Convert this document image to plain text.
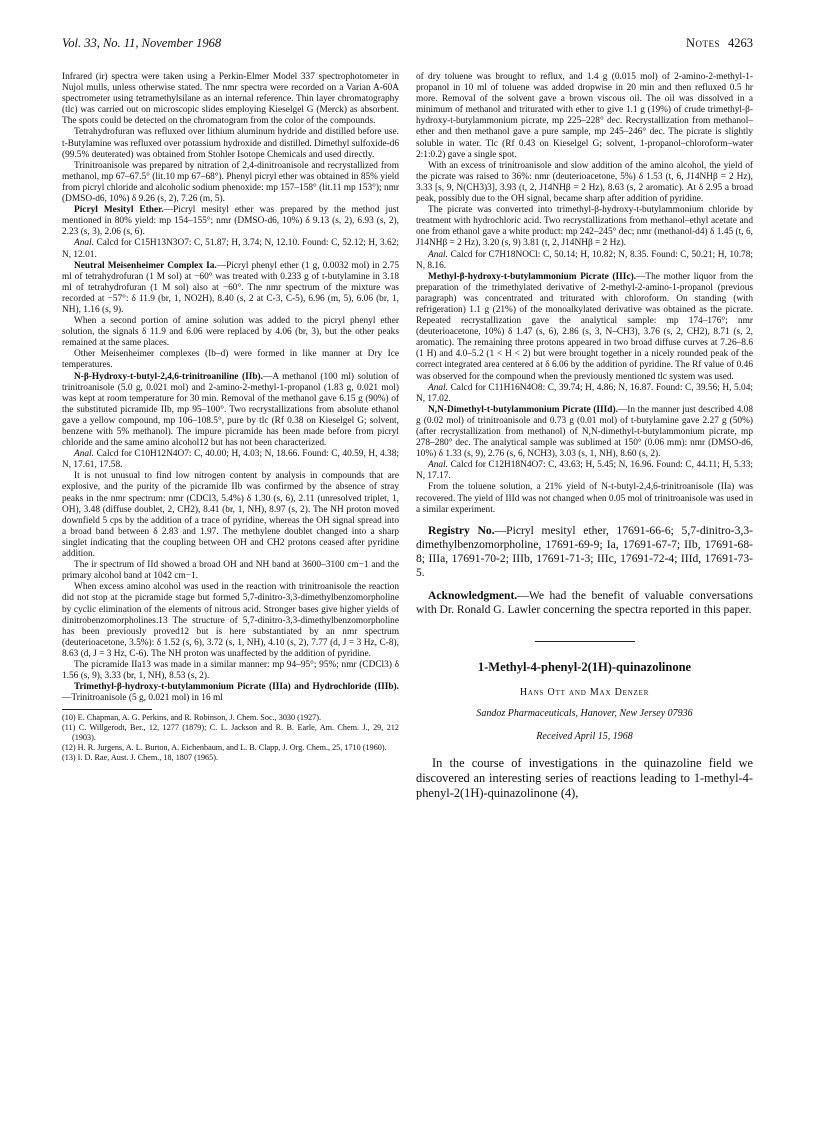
Vol. 33, No. 11, November 1968	Notes 4263

Infrared (ir) spectra were taken using a Perkin-Elmer Model 337 spectrophotometer in Nujol mulls, unless otherwise stated. The nmr spectra were recorded on a Varian A-60A spectrometer using tetramethylsilane as an internal reference. Thin layer chromatography (tlc) was carried out on microscopic slides employing Kieselgel G (Merck) as absorbent. The spots could be detected on the chromatogram from the color of the compounds.

Tetrahydrofuran was refluxed over lithium aluminum hydride and distilled before use. t-Butylamine was refluxed over potassium hydroxide and distilled. Dimethyl sulfoxide-d6 (99.5% deuterated) was obtained from Stohler Isotope Chemicals and used directly.

Trinitroanisole was prepared by nitration of 2,4-dinitroanisole and recrystallized from methanol, mp 67–67.5° (lit.10 mp 67–68°). Phenyl picryl ether was obtained in 85% yield from picryl chloride and alcoholic sodium phenoxide: mp 157–158° (lit.11 mp 153°); nmr (DMSO-d6, 10%) δ 9.26 (s, 2), 7.26 (m, 5).

Picryl Mesityl Ether.—Picryl mesityl ether was prepared by the method just mentioned in 80% yield: mp 154–155°; nmr (DMSO-d6, 10%) δ 9.13 (s, 2), 6.93 (s, 2), 2.23 (s, 3), 2.06 (s, 6).

Anal. Calcd for C15H13N3O7: C, 51.87; H, 3.74; N, 12.10. Found: C, 52.12; H, 3.62; N, 12.01.

Neutral Meisenheimer Complex Ia.—Picryl phenyl ether (1 g, 0.0032 mol) in 2.75 ml of tetrahydrofuran (1 M sol) at −60° was treated with 0.233 g of t-butylamine in 3.18 ml of tetrahydrofuran (1 M sol) also at −60°. The nmr spectrum of the mixture was recorded at −57°: δ 11.9 (br, 1, NO2H), 8.40 (s, 2 at C-3, C-5), 6.96 (m, 5), 6.06 (br, 1, NH), 1.16 (s, 9).

When a second portion of amine solution was added to the picryl phenyl ether solution, the signals δ 11.9 and 6.06 were replaced by 4.06 (br, 3), but the other peaks remained at the same places.

Other Meisenheimer complexes (Ib–d) were formed in like manner at Dry Ice temperatures.

N-β-Hydroxy-t-butyl-2,4,6-trinitroaniline (IIb).—A methanol (100 ml) solution of trinitroanisole (5.0 g, 0.021 mol) and 2-amino-2-methyl-1-propanol (1.83 g, 0.021 mol) was kept at room temperature for 30 min. Removal of the methanol gave 6.15 g (90%) of the substituted picramide IIb, mp 95–100°. Two recrystallizations from absolute ethanol gave a yellow compound, mp 106–108.5°, pure by tlc (Rf 0.38 on Kieselgel G; solvent, benzene with 5% methanol). The impure picramide has been made before from picryl chloride and the same amino alcohol12 but has not been characterized.

Anal. Calcd for C10H12N4O7: C, 40.00; H, 4.03; N, 18.66. Found: C, 40.59, H, 4.38; N, 17.61, 17.58.

It is not unusual to find low nitrogen content by analysis in compounds that are explosive, and the purity of the picramide IIb was confirmed by the absence of stray peaks in the nmr spectrum: nmr (CDCl3, 5.4%) δ 1.30 (s, 6), 2.11 (unresolved triplet, 1, OH), 3.48 (diffuse doublet, 2, CH2), 8.41 (br, 1, NH), 8.97 (s, 2). The NH proton moved downfield 5 cps by the addition of a trace of pyridine, whereas the OH signal spread into a broad band between δ 2.83 and 1.97. The methylene doublet changed into a sharp singlet indicating that the coupling between OH and CH2 protons ceased after pyridine addition.

The ir spectrum of IId showed a broad OH and NH band at 3600–3100 cm−1 and the primary alcohol band at 1042 cm−1.

When excess amino alcohol was used in the reaction with trinitroanisole the reaction did not stop at the picramide stage but formed 5,7-dinitro-3,3-dimethylbenzomorpholine by cyclic elimination of the elements of nitrous acid. Stronger bases give higher yields of dinitrobenzomorpholines.13 The structure of 5,7-dinitro-3,3-dimethylbenzomorpholine has been previously proved12 but is here substantiated by an nmr spectrum (deuterioacetone, 3.5%): δ 1.52 (s, 6), 3.72 (s, 1, NH), 4.10 (s, 2), 7.77 (d, J = 3 Hz, C-8), 8.63 (d, J = 3 Hz, C-6). The NH proton was unaffected by the addition of pyridine.

The picramide IIa13 was made in a similar manner: mp 94–95°; 95%; nmr (CDCl3) δ 1.56 (s, 9), 3.33 (br, 1, NH), 8.53 (s, 2).

Trimethyl-β-hydroxy-t-butylammonium Picrate (IIIa) and Hydrochloride (IIIb).—Trinitroanisole (5 g, 0.021 mol) in 16 ml

(10) E. Chapman, A. G. Perkins, and R. Robinson, J. Chem. Soc., 3030 (1927).

(11) C. Willgerodt, Ber., 12, 1277 (1879); C. L. Jackson and R. B. Earle, Am. Chem. J., 29, 212 (1903).

(12) H. R. Jurgens, A. L. Burton, A. Eichenbaum, and L. B. Clapp, J. Org. Chem., 25, 1710 (1960).

(13) I. D. Rae, Aust. J. Chem., 18, 1807 (1965).

of dry toluene was brought to reflux, and 1.4 g (0.015 mol) of 2-amino-2-methyl-1-propanol in 10 ml of toluene was added dropwise in 20 min and then refluxed 0.5 hr more. Removal of the solvent gave a brown viscous oil. The oil was dissolved in a minimum of methanol and triturated with ether to give 1.1 g (19%) of crude trimethyl-β-hydroxy-t-butylammonium picrate, mp 225–228° dec. Recrystallization from methanol–ether and then methanol gave a pure sample, mp 245–246° dec. The picrate is slightly soluble in water. Tlc (Rf 0.43 on Kieselgel G; solvent, 1-propanol–chloroform–water 2:1:0.2) gave a single spot.

With an excess of trinitroanisole and slow addition of the amino alcohol, the yield of the picrate was raised to 36%: nmr (deuterioacetone, 5%) δ 1.53 (t, 6, J14NHβ = 2 Hz), 3.33 [s, 9, N(CH3)3], 3.93 (t, 2, J14NHβ = 2 Hz), 8.63 (s, 2 aromatic). At δ 2.95 a broad peak, possibly due to the OH signal, became sharp after addition of pyridine.

The picrate was converted into trimethyl-β-hydroxy-t-butylammonium chloride by treatment with hydrochloric acid. Two recrystallizations from methanol–ethyl acetate and one from ethanol gave a white product: mp 242–245° dec; nmr (methanol-d4) δ 1.45 (t, 6, J14NHβ = 2 Hz), 3.20 (s, 9) 3.81 (t, 2, J14NHβ = 2 Hz).

Anal. Calcd for C7H18NOCl: C, 50.14; H, 10.82; N, 8.35. Found: C, 50.21; H, 10.78; N, 8.16.

Methyl-β-hydroxy-t-butylammonium Picrate (IIIc).—The mother liquor from the preparation of the trimethylated derivative of 2-methyl-2-amino-1-propanol (previous paragraph) was concentrated and triturated with chloroform. On standing (with refrigeration) 1.1 g (21%) of the monoalkylated derivative was obtained as the picrate. Repeated recrystallization gave the analytical sample: mp 174–176°; nmr (deuterioacetone, 10%) δ 1.47 (s, 6), 2.86 (s, 3, N–CH3), 3.76 (s, 2, CH2), 8.71 (s, 2, aromatic). The remaining three protons appeared in two broad diffuse curves at 7.26–8.6 (1 H) and 4.0–5.2 (1 < H < 2) but were brought together in a nicely rounded peak of the correct integrated area centered at δ 6.06 by the addition of pyridine. The Rf value of 0.46 was observed for the compound when the previously mentioned tlc system was used.

Anal. Calcd for C11H16N4O8: C, 39.74; H, 4.86; N, 16.87. Found: C, 39.56; H, 5.04; N, 17.02.

N,N-Dimethyl-t-butylammonium Picrate (IIId).—In the manner just described 4.08 g (0.02 mol) of trinitroanisole and 0.73 g (0.01 mol) of t-butylamine gave 2.27 g (50%) (after recrystallization from methanol) of N,N-dimethyl-t-butylammonium picrate, mp 278–280° dec. The analytical sample was sublimed at 150° (0.06 mm): nmr (DMSO-d6, 10%) δ 1.33 (s, 9), 2.76 (s, 6, NCH3), 3.03 (s, 1, NH), 8.60 (s, 2).

Anal. Calcd for C12H18N4O7: C, 43.63; H, 5.45; N, 16.96. Found: C, 44.11; H, 5.33; N, 17.17.

From the toluene solution, a 21% yield of N-t-butyl-2,4,6-trinitroanisole (IIa) was recovered. The yield of IIId was not changed when 0.05 mol of trinitroanisole was used in a similar experiment.

Registry No.—Picryl mesityl ether, 17691-66-6; 5,7-dinitro-3,3-dimethylbenzomorpholine, 17691-69-9; Ia, 17691-67-7; IIb, 17691-68-8; IIIa, 17691-70-2; IIIb, 17691-71-3; IIIc, 17691-72-4; IIId, 17691-73-5.

Acknowledgment.—We had the benefit of valuable conversations with Dr. Ronald G. Lawler concerning the spectra reported in this paper.

1-Methyl-4-phenyl-2(1H)-quinazolinone
Hans Ott and Max Denzer
Sandoz Pharmaceuticals, Hanover, New Jersey 07936
Received April 15, 1968

In the course of investigations in the quinazoline field we discovered an interesting series of reactions leading to 1-methyl-4-phenyl-2(1H)-quinazolinone (4),
